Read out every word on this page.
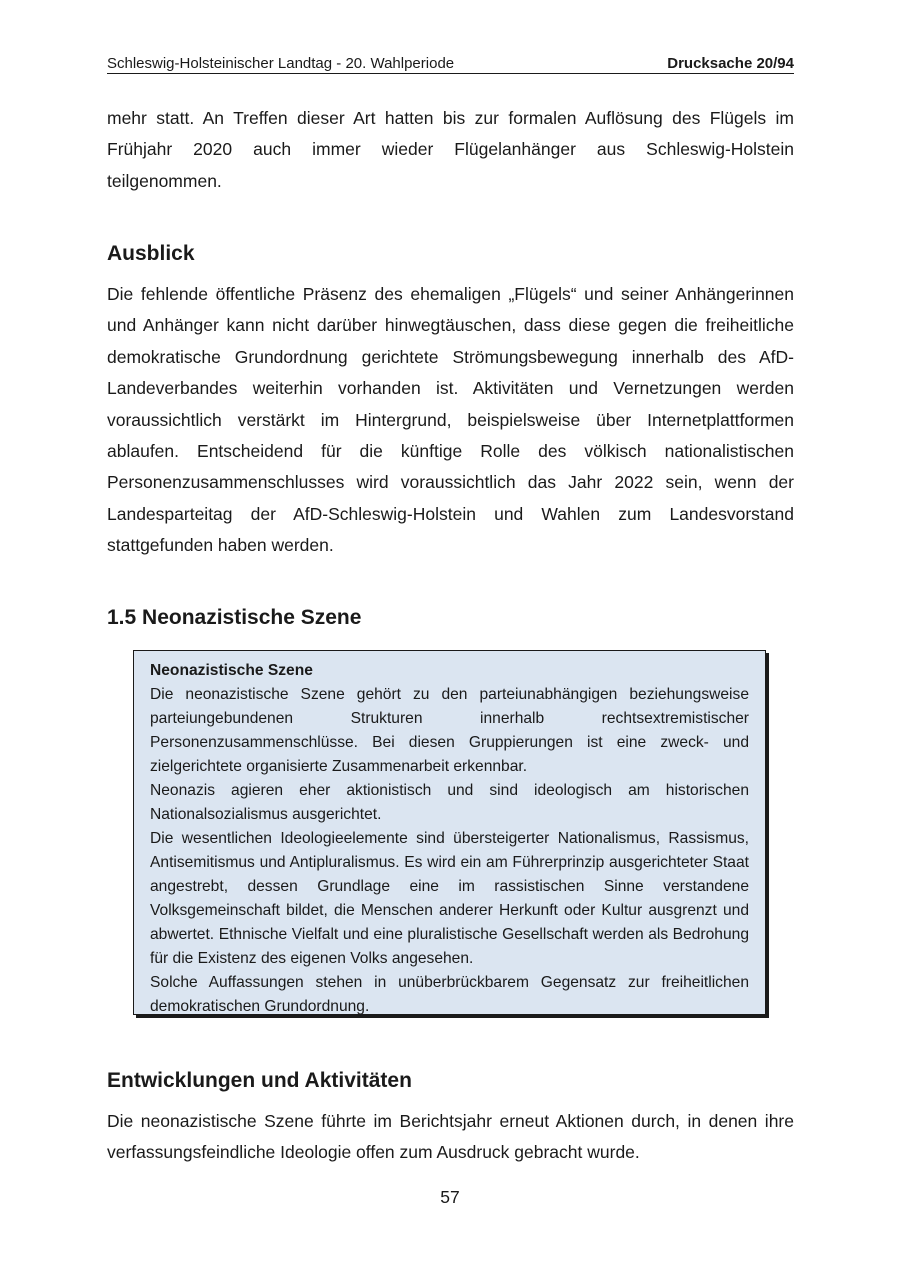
Schleswig-Holsteinischer Landtag - 20. Wahlperiode	Drucksache 20/94

mehr statt. An Treffen dieser Art hatten bis zur formalen Auflösung des Flügels im Frühjahr 2020 auch immer wieder Flügelanhänger aus Schleswig-Holstein teilgenommen.

Ausblick

Die fehlende öffentliche Präsenz des ehemaligen „Flügels“ und seiner Anhängerinnen und Anhänger kann nicht darüber hinwegtäuschen, dass diese gegen die freiheitliche demokratische Grundordnung gerichtete Strömungsbewegung innerhalb des AfD-Landeverbandes weiterhin vorhanden ist. Aktivitäten und Vernetzungen werden voraussichtlich verstärkt im Hintergrund, beispielsweise über Internetplattformen ablaufen. Entscheidend für die künftige Rolle des völkisch nationalistischen Personenzusammenschlusses wird voraussichtlich das Jahr 2022 sein, wenn der Landesparteitag der AfD-Schleswig-Holstein und Wahlen zum Landesvorstand stattgefunden haben werden.

1.5 Neonazistische Szene

Neonazistische Szene

Die neonazistische Szene gehört zu den parteiunabhängigen beziehungsweise parteiungebundenen Strukturen innerhalb rechtsextremistischer Personenzusammenschlüsse. Bei diesen Gruppierungen ist eine zweck- und zielgerichtete organisierte Zusammenarbeit erkennbar.

Neonazis agieren eher aktionistisch und sind ideologisch am historischen Nationalsozialismus ausgerichtet.

Die wesentlichen Ideologieelemente sind übersteigerter Nationalismus, Rassismus, Antisemitismus und Antipluralismus. Es wird ein am Führerprinzip ausgerichteter Staat angestrebt, dessen Grundlage eine im rassistischen Sinne verstandene Volksgemeinschaft bildet, die Menschen anderer Herkunft oder Kultur ausgrenzt und abwertet. Ethnische Vielfalt und eine pluralistische Gesellschaft werden als Bedrohung für die Existenz des eigenen Volks angesehen.

Solche Auffassungen stehen in unüberbrückbarem Gegensatz zur freiheitlichen demokratischen Grundordnung.

Entwicklungen und Aktivitäten

Die neonazistische Szene führte im Berichtsjahr erneut Aktionen durch, in denen ihre verfassungsfeindliche Ideologie offen zum Ausdruck gebracht wurde.

57
